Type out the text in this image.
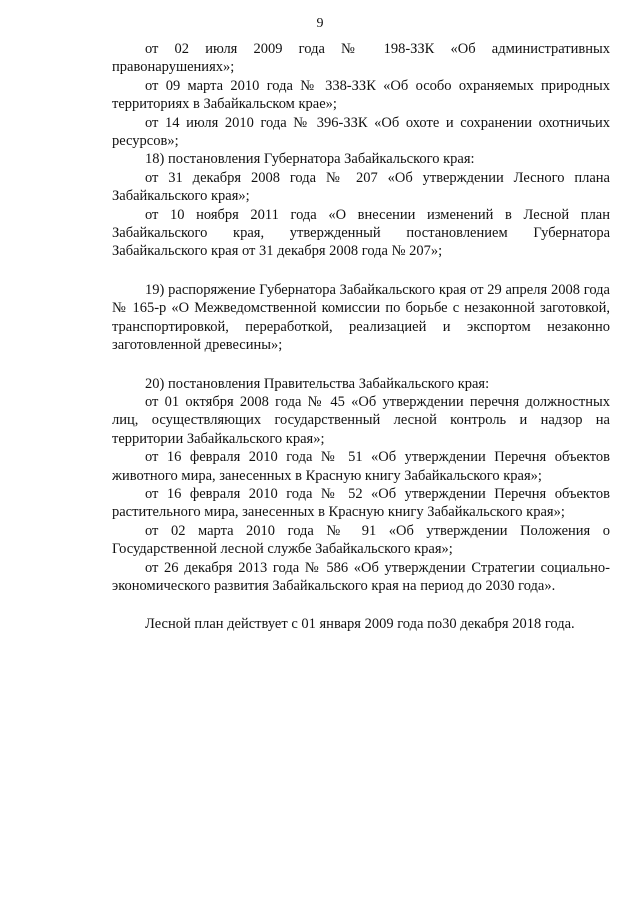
9

от 02 июля 2009 года № 198-ЗЗК «Об административных правонарушениях»;

от 09 марта 2010 года № 338-ЗЗК «Об особо охраняемых природных территориях в Забайкальском крае»;

от 14 июля 2010 года № 396-ЗЗК «Об охоте и сохранении охотничьих ресурсов»;

18) постановления Губернатора Забайкальского края:

от 31 декабря 2008 года № 207 «Об утверждении Лесного плана Забайкальского края»;

от 10 ноября 2011 года «О внесении изменений в Лесной план Забайкальского края, утвержденный постановлением Губернатора Забайкальского края от 31 декабря 2008 года № 207»;

19) распоряжение Губернатора Забайкальского края от 29 апреля 2008 года № 165-р «О Межведомственной комиссии по борьбе с незаконной заготовкой, транспортировкой, переработкой, реализацией и экспортом незаконно заготовленной древесины»;

20) постановления Правительства Забайкальского края:

от 01 октября 2008 года № 45 «Об утверждении перечня должностных лиц, осуществляющих государственный лесной контроль и надзор на территории Забайкальского края»;

от 16 февраля 2010 года № 51 «Об утверждении Перечня объектов животного мира, занесенных в Красную книгу Забайкальского края»;

от 16 февраля 2010 года № 52 «Об утверждении Перечня объектов растительного мира, занесенных в Красную книгу Забайкальского края»;

от 02 марта 2010 года № 91 «Об утверждении Положения о Государственной лесной службе Забайкальского края»;

от 26 декабря 2013 года № 586 «Об утверждении Стратегии социально-экономического развития Забайкальского края на период до 2030 года».

Лесной план действует с 01 января 2009 года по30 декабря 2018 года.
